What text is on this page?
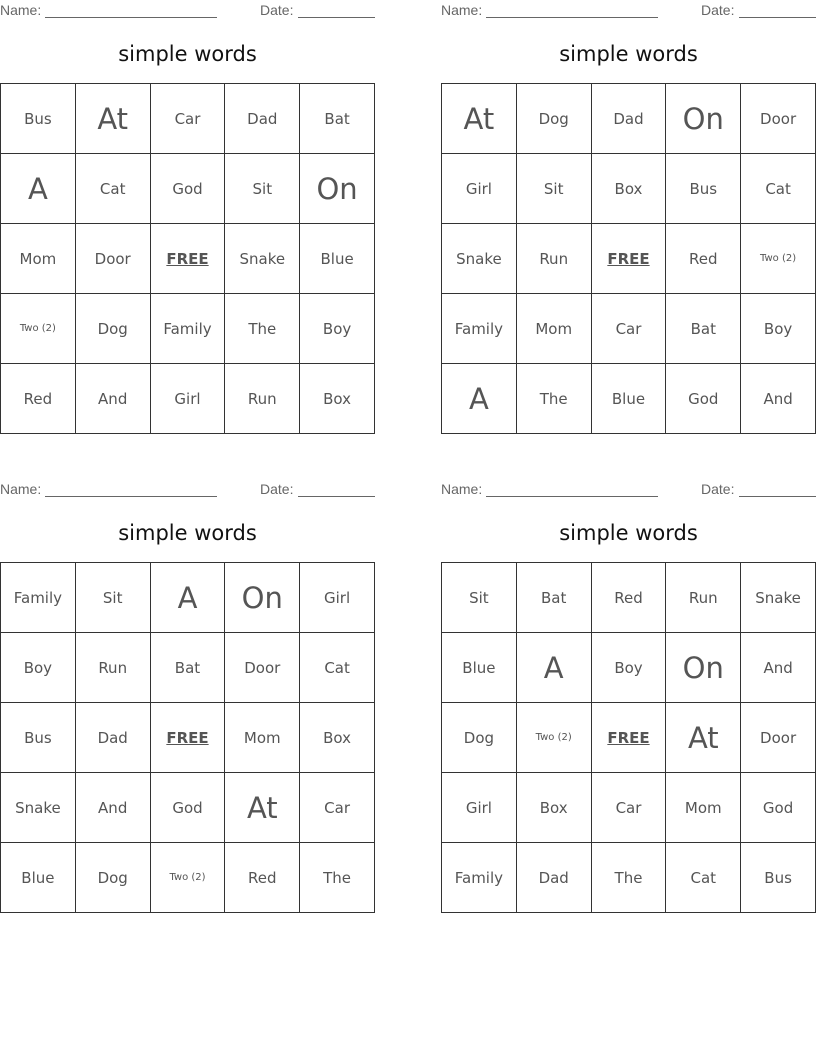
Name:	Date:
simple words
Bus	At	Car	Dad	Bat
A	Cat	God	Sit	On
Mom	Door	FREE	Snake	Blue
Two (2)	Dog	Family	The	Boy
Red	And	Girl	Run	Box
Name:	Date:
simple words
At	Dog	Dad	On	Door
Girl	Sit	Box	Bus	Cat
Snake	Run	FREE	Red	Two (2)
Family	Mom	Car	Bat	Boy
A	The	Blue	God	And
Name:	Date:
simple words
Family	Sit	A	On	Girl
Boy	Run	Bat	Door	Cat
Bus	Dad	FREE	Mom	Box
Snake	And	God	At	Car
Blue	Dog	Two (2)	Red	The
Name:	Date:
simple words
Sit	Bat	Red	Run	Snake
Blue	A	Boy	On	And
Dog	Two (2)	FREE	At	Door
Girl	Box	Car	Mom	God
Family	Dad	The	Cat	Bus
